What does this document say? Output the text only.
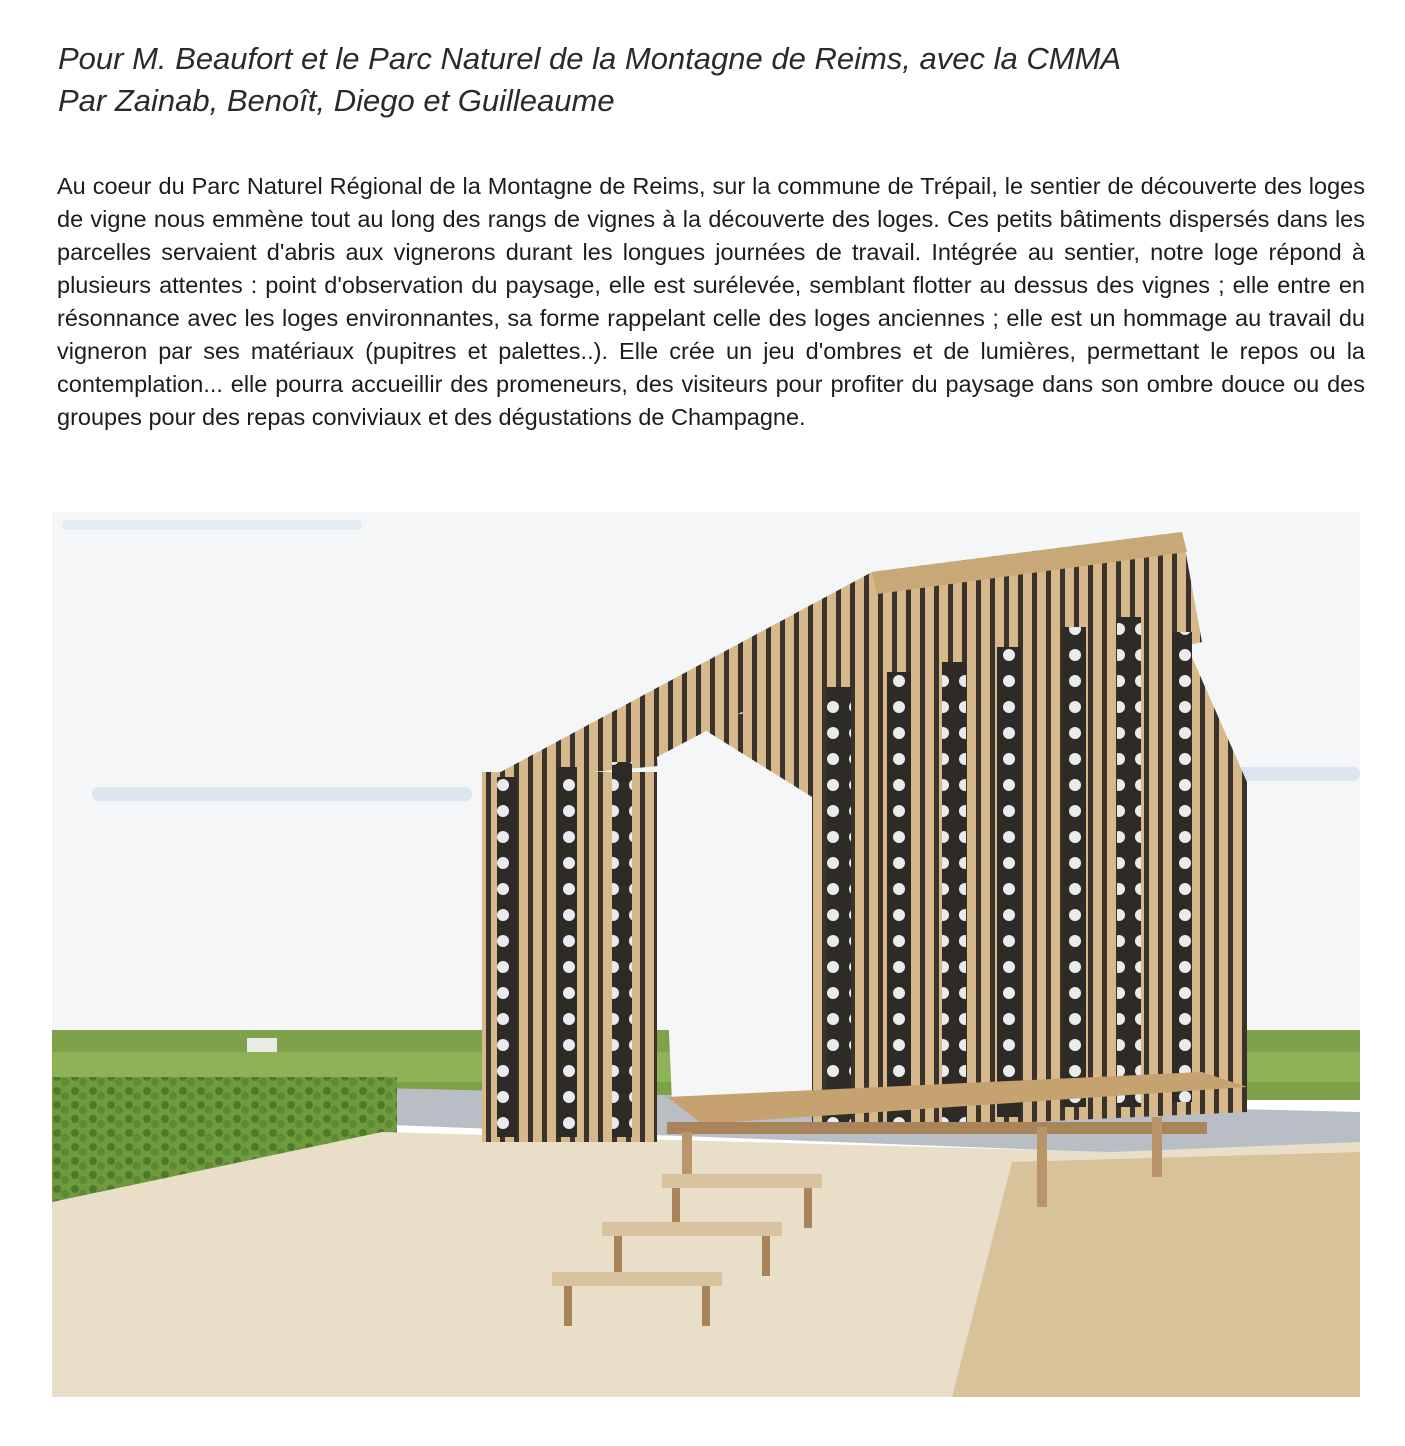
Pour M. Beaufort et le Parc Naturel de la Montagne de Reims, avec la CMMA
Par Zainab, Benoît, Diego et Guilleaume

Au coeur du Parc Naturel Régional de la Montagne de Reims, sur la commune de Trépail, le sentier de découverte des loges de vigne nous emmène tout au long des rangs de vignes à la découverte des loges. Ces petits bâtiments dispersés dans les parcelles servaient d'abris aux vignerons durant les longues journées de travail. Intégrée au sentier, notre loge répond à plusieurs attentes : point d'observation du paysage, elle est surélevée, semblant flotter au dessus des vignes ; elle entre en résonnance avec les loges environnantes, sa forme rappelant celle des loges anciennes ; elle est un hommage au travail du vigneron par ses matériaux (pupitres et palettes..). Elle crée un jeu d'ombres et de lumières, permettant le repos ou la contemplation... elle pourra accueillir des promeneurs, des visiteurs pour profiter du paysage dans son ombre douce ou des groupes pour des repas conviviaux et des dégustations de Champagne.
